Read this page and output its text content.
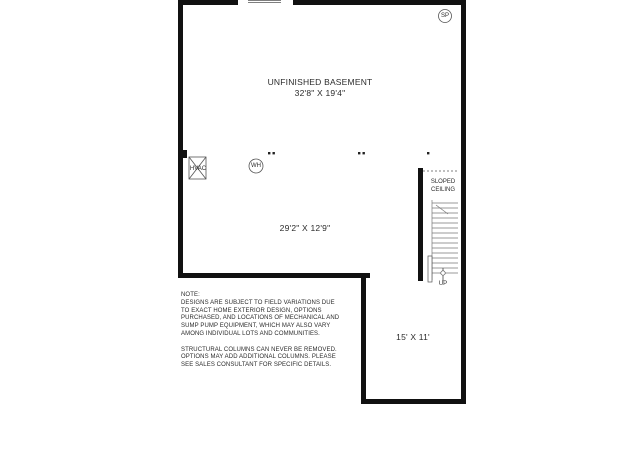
UNFINISHED BASEMENT
32'8" X 19'4"
29'2" X 12'9"
15' X 11'
SP
WH
HVAC
SLOPED
CEILING
UP

NOTE:

DESIGNS ARE SUBJECT TO FIELD VARIATIONS DUE

TO EXACT HOME EXTERIOR DESIGN, OPTIONS

PURCHASED, AND LOCATIONS OF MECHANICAL AND

SUMP PUMP EQUIPMENT, WHICH MAY ALSO VARY

AMONG INDIVIDUAL LOTS AND COMMUNITIES.

STRUCTURAL COLUMNS CAN NEVER BE REMOVED.

OPTIONS MAY ADD ADDITIONAL COLUMNS. PLEASE

SEE SALES CONSULTANT FOR SPECIFIC DETAILS.
